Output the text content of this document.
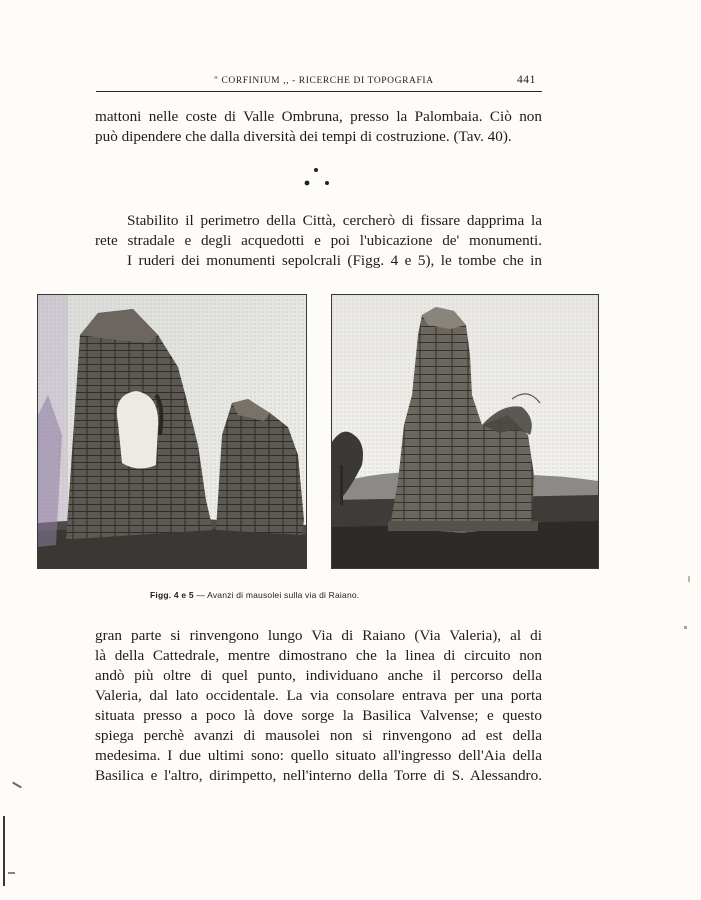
" CORFINIUM ,, - RICERCHE DI TOPOGRAFIA	441
mattoni nelle coste di Valle Ombruna, presso la Palombaia. Ciò non
può dipendere che dalla diversità dei tempi di costruzione. (Tav. 40).
Stabilito il perimetro della Città, cercherò di fissare dapprima la
rete stradale e degli acquedotti e poi l'ubicazione de' monumenti.
I ruderi dei monumenti sepolcrali (Figg. 4 e 5), le tombe che in
Figg. 4 e 5 — Avanzi di mausolei sulla via di Raiano.
gran parte si rinvengono lungo Via di Raiano (Via Valeria), al di
là della Cattedrale, mentre dimostrano che la linea di circuito non
andò più oltre di quel punto, individuano anche il percorso della
Valeria, dal lato occidentale. La via consolare entrava per una porta
situata presso a poco là dove sorge la Basilica Valvense; e questo
spiega perchè avanzi di mausolei non si rinvengono ad est della
medesima. I due ultimi sono: quello situato all'ingresso dell'Aia della
Basilica e l'altro, dirimpetto, nell'interno della Torre di S. Alessandro.
